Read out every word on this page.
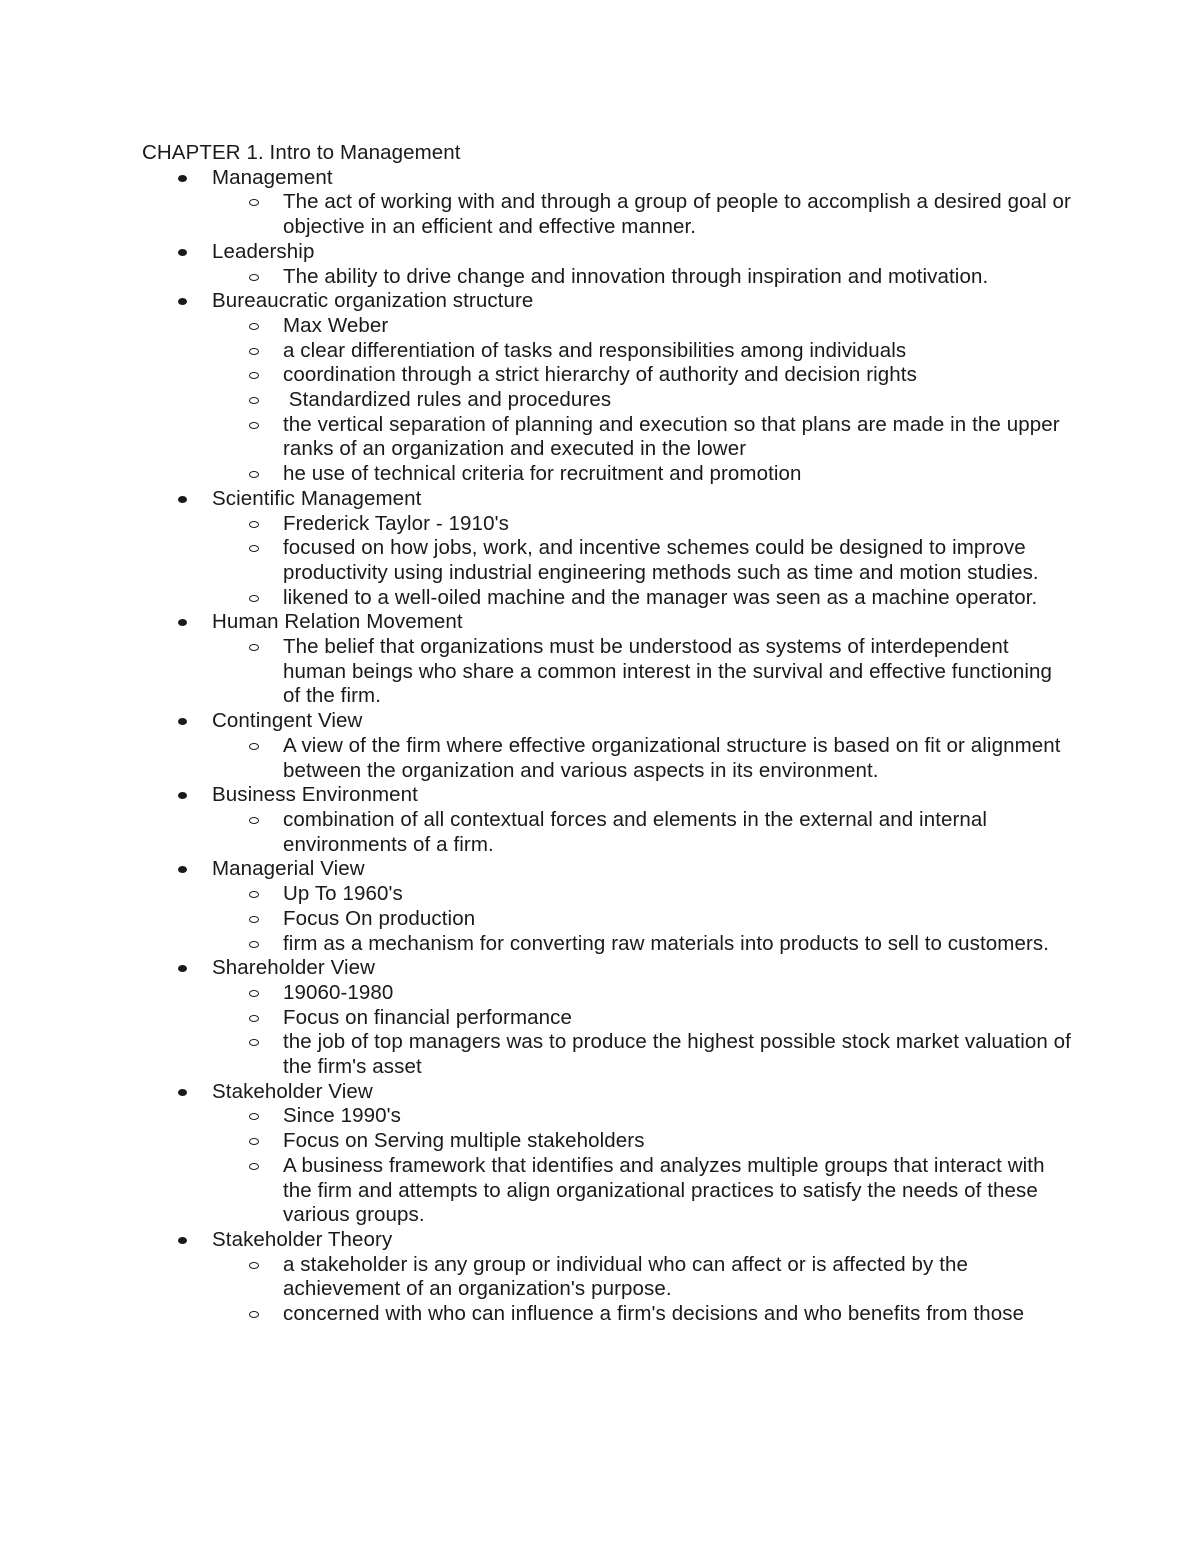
CHAPTER 1. Intro to Management
Management
The act of working with and through a group of people to accomplish a desired goal or objective in an efficient and effective manner.
Leadership
The ability to drive change and innovation through inspiration and motivation.
Bureaucratic organization structure
Max Weber
a clear differentiation of tasks and responsibilities among individuals
coordination through a strict hierarchy of authority and decision rights
Standardized rules and procedures
the vertical separation of planning and execution so that plans are made in the upper ranks of an organization and executed in the lower
he use of technical criteria for recruitment and promotion
Scientific Management
Frederick Taylor - 1910's
focused on how jobs, work, and incentive schemes could be designed to improve productivity using industrial engineering methods such as time and motion studies.
likened to a well-oiled machine and the manager was seen as a machine operator.
Human Relation Movement
The belief that organizations must be understood as systems of interdependent human beings who share a common interest in the survival and effective functioning of the firm.
Contingent View
A view of the firm where effective organizational structure is based on fit or alignment between the organization and various aspects in its environment.
Business Environment
combination of all contextual forces and elements in the external and internal environments of a firm.
Managerial View
Up To 1960's
Focus On production
firm as a mechanism for converting raw materials into products to sell to customers.
Shareholder View
19060-1980
Focus on financial performance
the job of top managers was to produce the highest possible stock market valuation of the firm's asset
Stakeholder View
Since 1990's
Focus on Serving multiple stakeholders
A business framework that identifies and analyzes multiple groups that interact with the firm and attempts to align organizational practices to satisfy the needs of these various groups.
Stakeholder Theory
a stakeholder is any group or individual who can affect or is affected by the achievement of an organization's purpose.
concerned with who can influence a firm's decisions and who benefits from those
